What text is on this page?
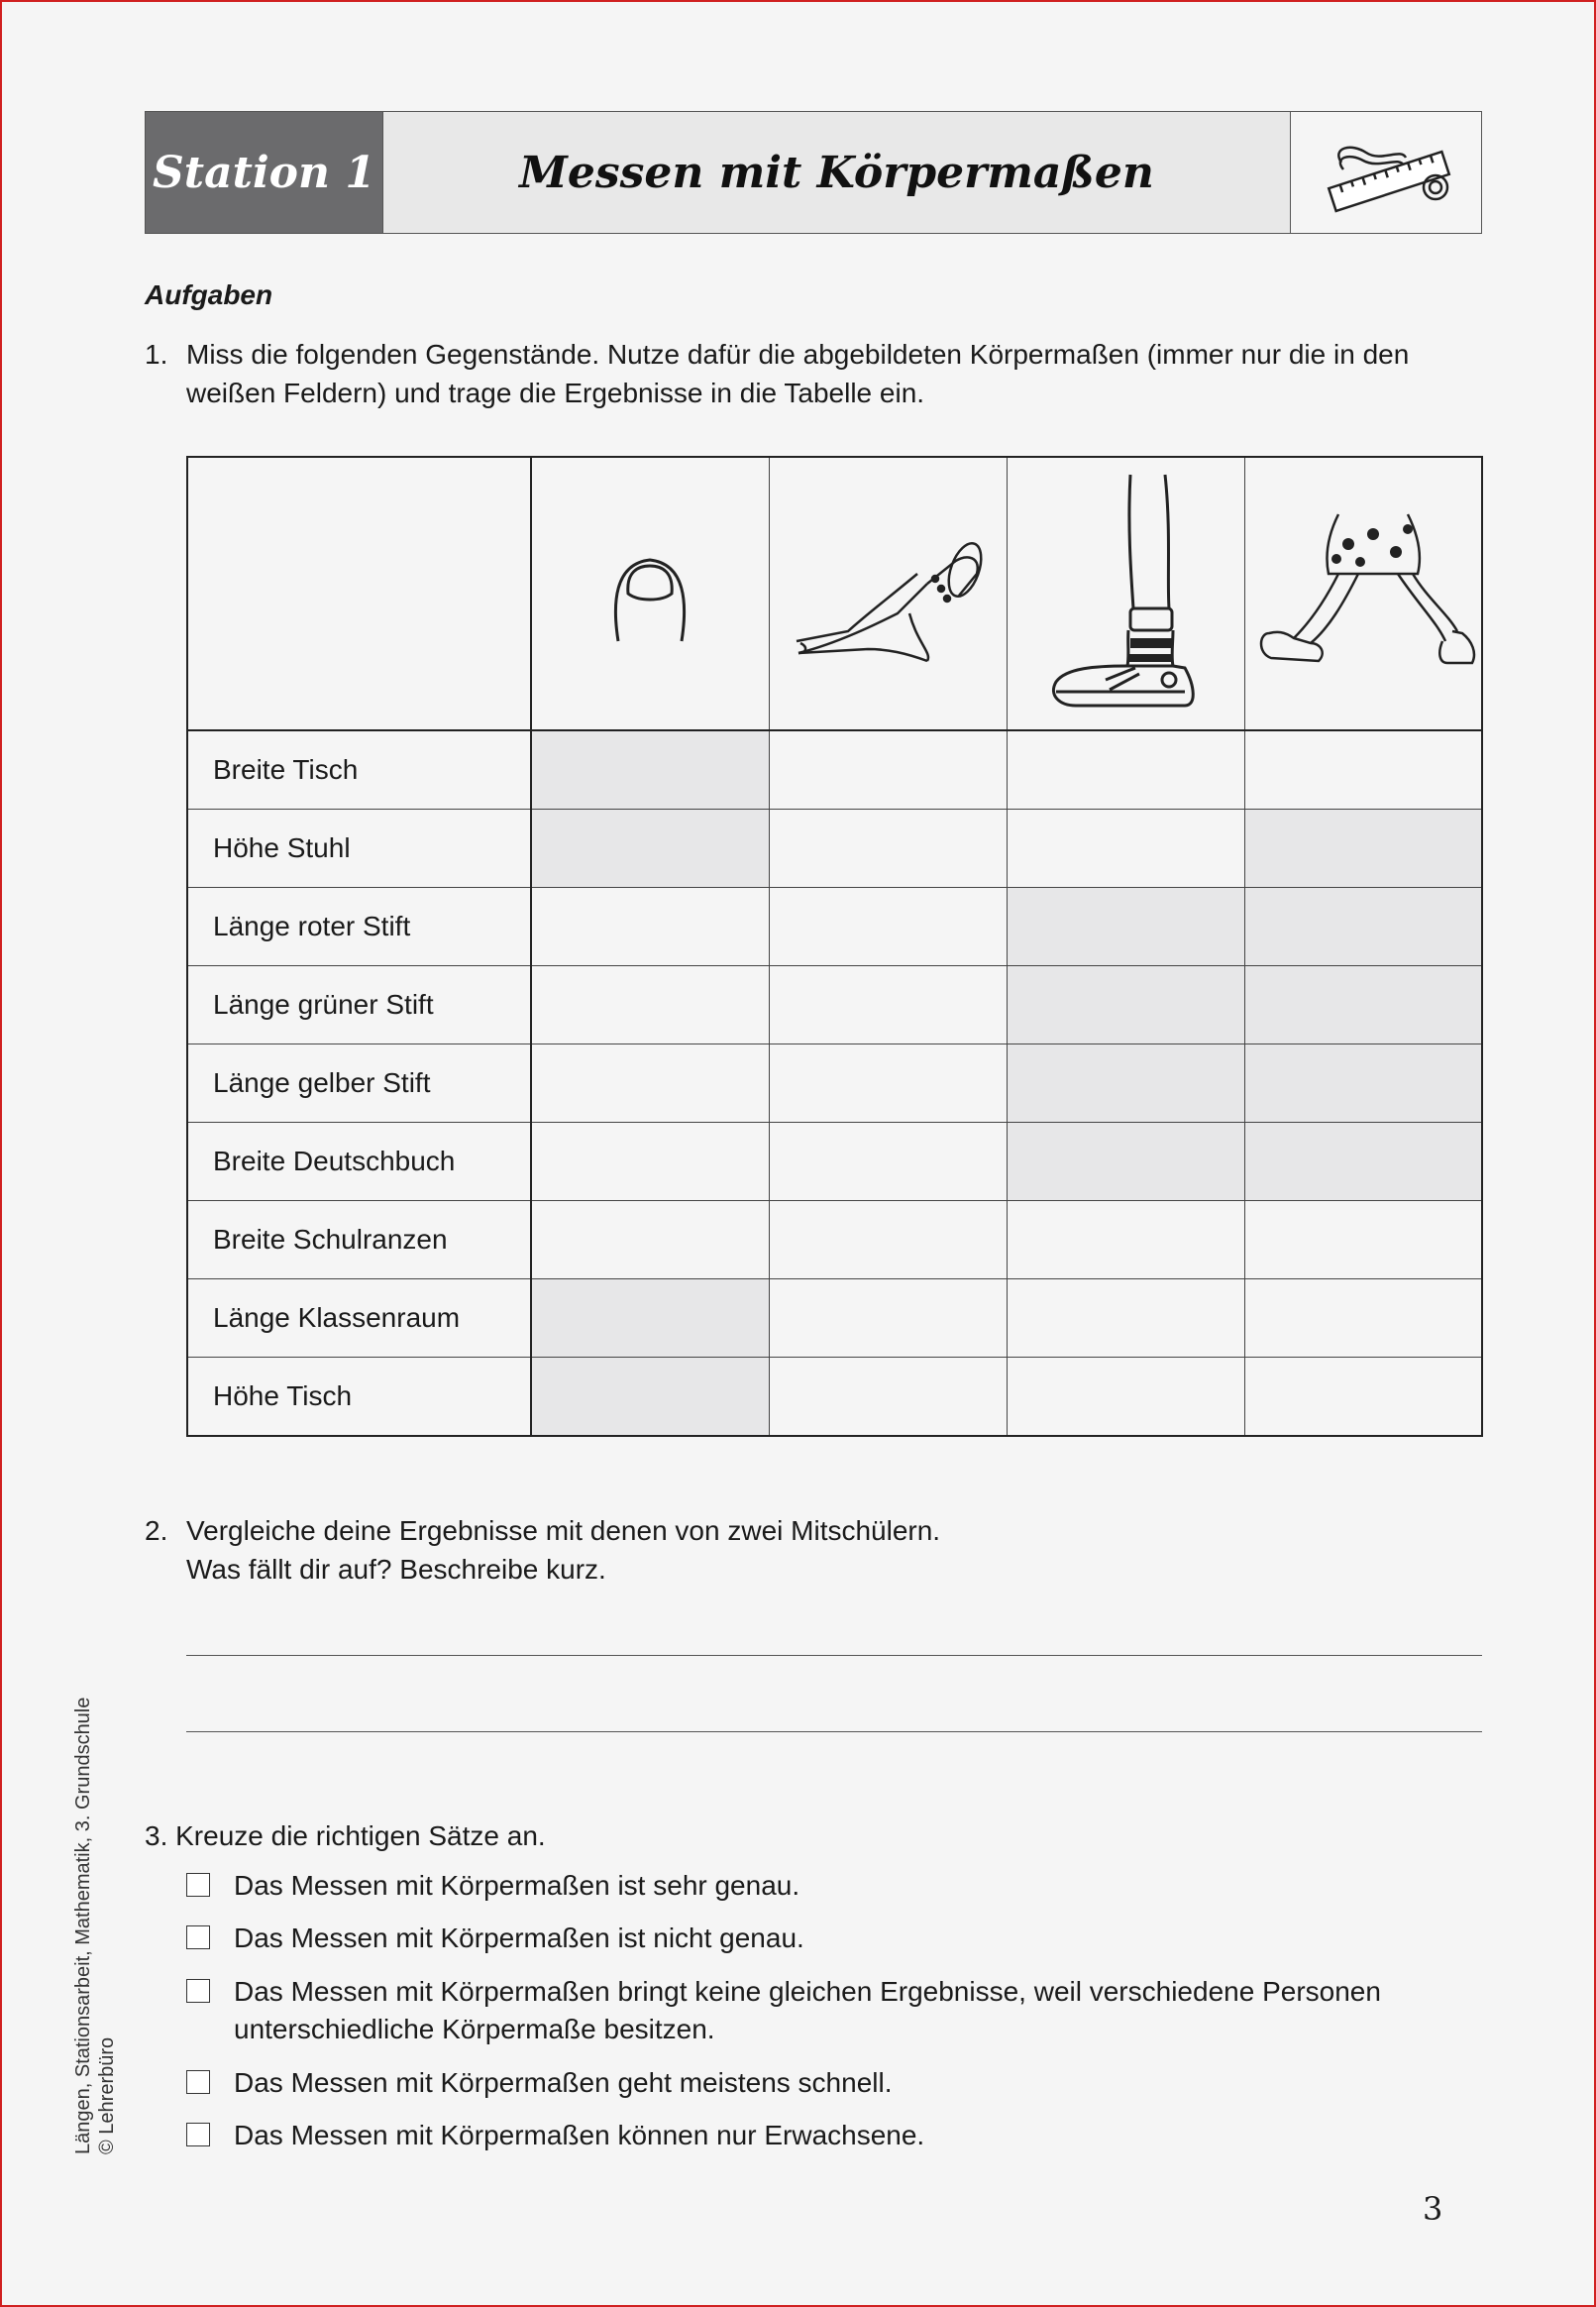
Station 1	Messen mit Körpermaßen
Aufgaben
1. Miss die folgenden Gegenstände. Nutze dafür die abgebildeten Körpermaßen (immer nur die in den
weißen Feldern) und trage die Ergebnisse in die Tabelle ein.

Breite Tisch				
Höhe Stuhl				
Länge roter Stift				
Länge grüner Stift				
Länge gelber Stift				
Breite Deutschbuch				
Breite Schulranzen				
Länge Klassenraum				
Höhe Tisch				
2. Vergleiche deine Ergebnisse mit denen von zwei Mitschülern.
Was fällt dir auf? Beschreibe kurz.
3. Kreuze die richtigen Sätze an.
Das Messen mit Körpermaßen ist sehr genau.
Das Messen mit Körpermaßen ist nicht genau.
Das Messen mit Körpermaßen bringt keine gleichen Ergebnisse, weil verschiedene Personen unterschiedliche Körpermaße besitzen.
Das Messen mit Körpermaßen geht meistens schnell.
Das Messen mit Körpermaßen können nur Erwachsene.
Längen, Stationsarbeit, Mathematik, 3. Grundschule © Lehrerbüro
3
